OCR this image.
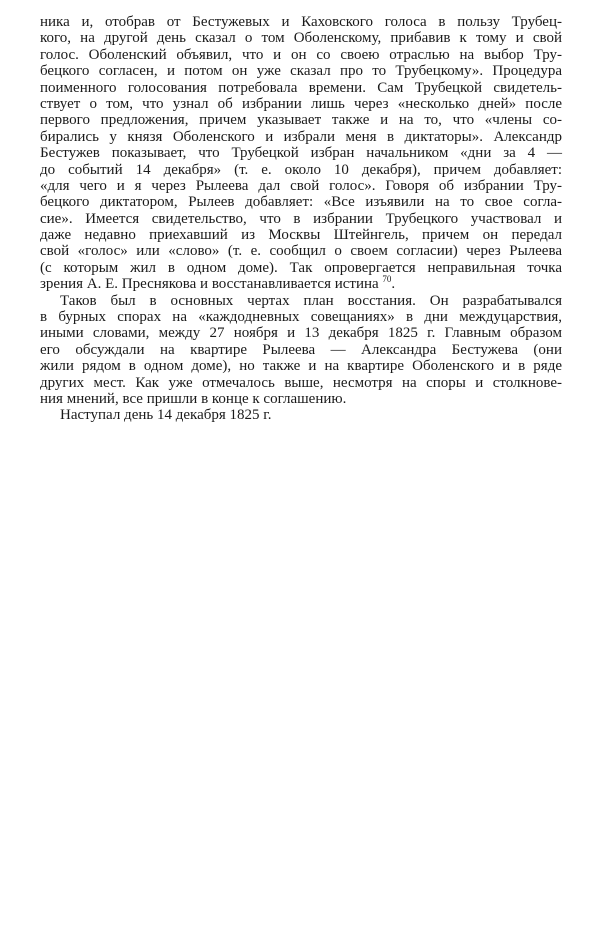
ника и, отобрав от Бестужевых и Каховского голоса в пользу Трубец-
кого, на другой день сказал о том Оболенскому, прибавив к тому и свой
голос. Оболенский объявил, что и он со своею отраслью на выбор Тру-
бецкого согласен, и потом он уже сказал про то Трубецкому». Процедура
поименного голосования потребовала времени. Сам Трубецкой свидетель-
ствует о том, что узнал об избрании лишь через «несколько дней» после
первого предложения, причем указывает также и на то, что «члены со-
бирались у князя Оболенского и избрали меня в диктаторы». Александр
Бестужев показывает, что Трубецкой избран начальником «дни за 4 —
до событий 14 декабря» (т. е. около 10 декабря), причем добавляет:
«для чего и я через Рылеева дал свой голос». Говоря об избрании Тру-
бецкого диктатором, Рылеев добавляет: «Все изъявили на то свое согла-
сие». Имеется свидетельство, что в избрании Трубецкого участвовал и
даже недавно приехавший из Москвы Штейнгель, причем он передал
свой «голос» или «слово» (т. е. сообщил о своем согласии) через Рылеева
(с которым жил в одном доме). Так опровергается неправильная точка
зрения А. Е. Преснякова и восстанавливается истина $^{70}$.
Таков был в основных чертах план восстания. Он разрабатывался
в бурных спорах на «каждодневных совещаниях» в дни междуцарствия,
иными словами, между 27 ноября и 13 декабря 1825 г. Главным образом
его обсуждали на квартире Рылеева — Александра Бестужева (они
жили рядом в одном доме), но также и на квартире Оболенского и в ряде
других мест. Как уже отмечалось выше, несмотря на споры и столкнове-
ния мнений, все пришли в конце к соглашению.
Наступал день 14 декабря 1825 г.
